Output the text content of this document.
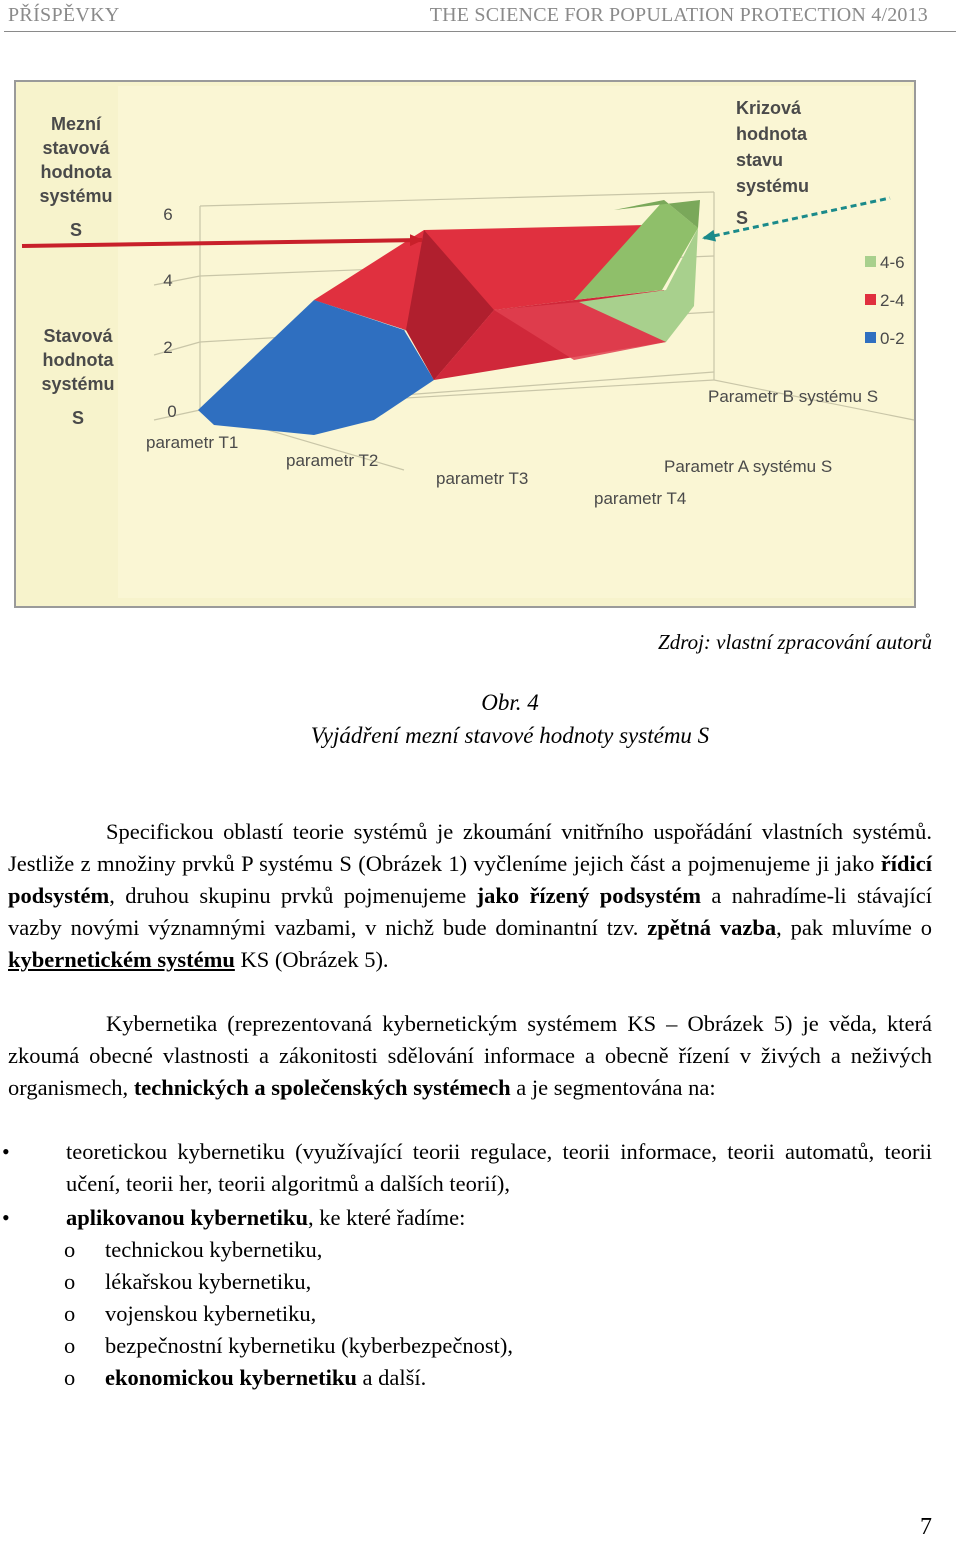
PŘÍSPĚVKY	THE SCIENCE FOR POPULATION PROTECTION 4/2013
Mezní
stavová
hodnota
systému
S
Stavová
hodnota
systému
S
6
4
2
0
parametr T1
parametr T2
parametr T3
parametr T4
Parametr B systému S
Parametr A systému S
Krizová
hodnota
stavu
systému
S
4-6
2-4
0-2
Zdroj: vlastní zpracování autorů
Obr. 4
Vyjádření mezní stavové hodnoty systému S
Specifickou oblastí teorie systémů je zkoumání vnitřního uspořádání vlastních systémů. Jestliže z množiny prvků P systému S (Obrázek 1) vyčleníme jejich část a pojmenujeme ji jako řídicí podsystém, druhou skupinu prvků pojmenujeme jako řízený podsystém a nahradíme-li stávající vazby novými významnými vazbami, v nichž bude dominantní tzv. zpětná vazba, pak mluvíme o kybernetickém systému KS (Obrázek 5).
Kybernetika (reprezentovaná kybernetickým systémem KS – Obrázek 5) je věda, která zkoumá obecné vlastnosti a zákonitosti sdělování informace a obecně řízení v živých a neživých organismech, technických a společenských systémech a je segmentována na:
•	teoretickou kybernetiku (využívající teorii regulace, teorii informace, teorii automatů, teorii učení, teorii her, teorii algoritmů a dalších teorií),
•	aplikovanou kybernetiku, ke které řadíme:
o technickou kybernetiku,
o lékařskou kybernetiku,
o vojenskou kybernetiku,
o bezpečnostní kybernetiku (kyberbezpečnost),
o ekonomickou kybernetiku a další.
7
